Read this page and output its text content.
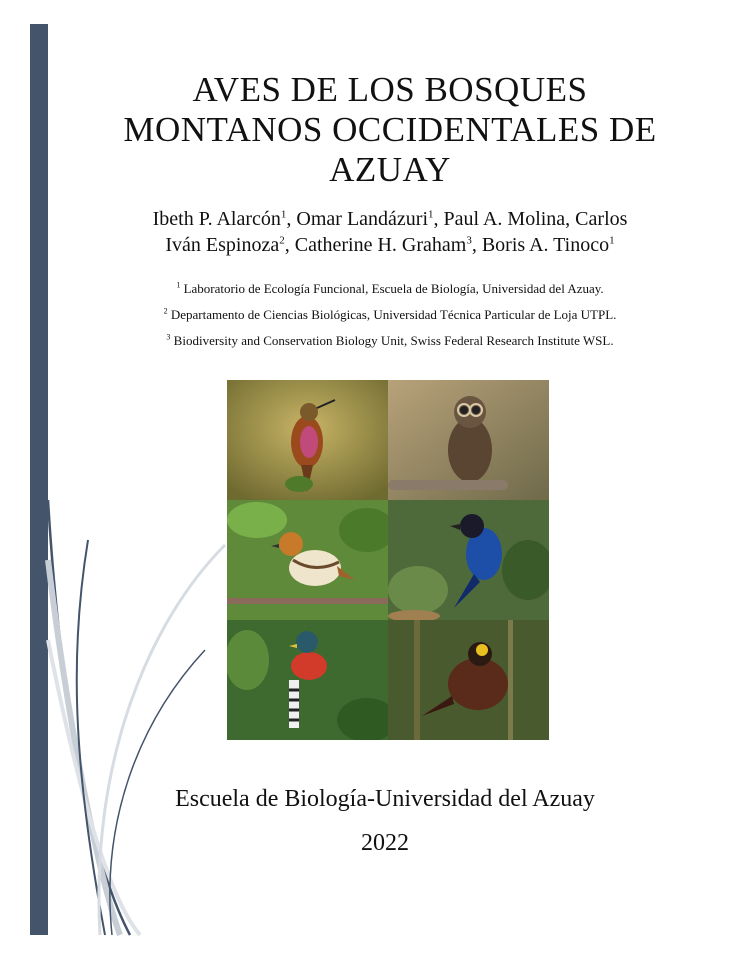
AVES DE LOS BOSQUES
MONTANOS OCCIDENTALES DE
AZUAY
Ibeth P. Alarcón$^1$, Omar Landázuri$^1$, Paul A. Molina, Carlos
Iván Espinoza$^2$, Catherine H. Graham$^3$, Boris A. Tinoco$^1$
$^1$ Laboratorio de Ecología Funcional, Escuela de Biología, Universidad del Azuay.
$^2$ Departamento de Ciencias Biológicas, Universidad Técnica Particular de Loja UTPL.
$^3$ Biodiversity and Conservation Biology Unit, Swiss Federal Research Institute WSL.
Escuela de Biología-Universidad del Azuay
2022
